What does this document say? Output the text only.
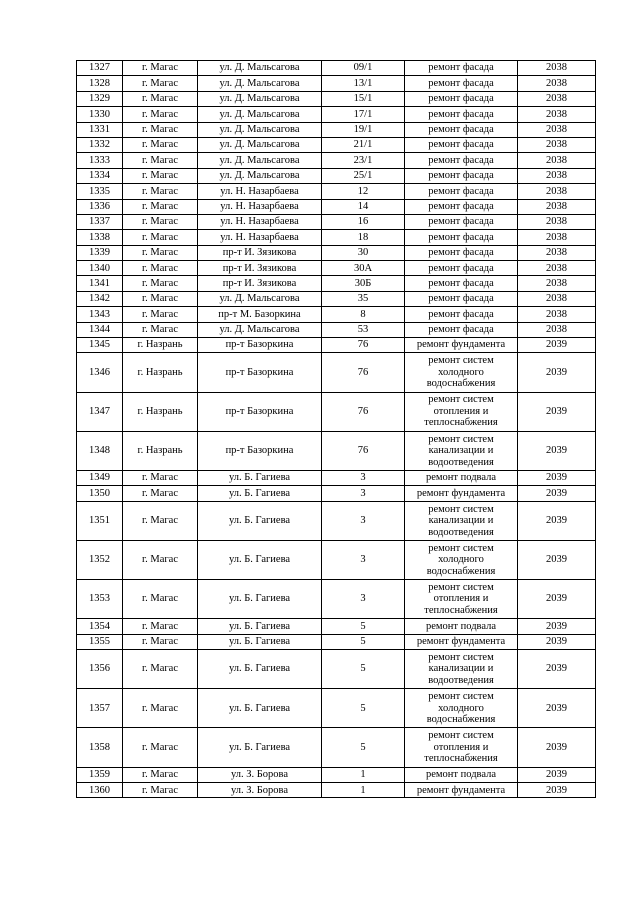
1327	г. Магас	ул. Д. Мальсагова	09/1	ремонт фасада	2038
1328	г. Магас	ул. Д. Мальсагова	13/1	ремонт фасада	2038
1329	г. Магас	ул. Д. Мальсагова	15/1	ремонт фасада	2038
1330	г. Магас	ул. Д. Мальсагова	17/1	ремонт фасада	2038
1331	г. Магас	ул. Д. Мальсагова	19/1	ремонт фасада	2038
1332	г. Магас	ул. Д. Мальсагова	21/1	ремонт фасада	2038
1333	г. Магас	ул. Д. Мальсагова	23/1	ремонт фасада	2038
1334	г. Магас	ул. Д. Мальсагова	25/1	ремонт фасада	2038
1335	г. Магас	ул. Н. Назарбаева	12	ремонт фасада	2038
1336	г. Магас	ул. Н. Назарбаева	14	ремонт фасада	2038
1337	г. Магас	ул. Н. Назарбаева	16	ремонт фасада	2038
1338	г. Магас	ул. Н. Назарбаева	18	ремонт фасада	2038
1339	г. Магас	пр-т И. Зязикова	30	ремонт фасада	2038
1340	г. Магас	пр-т И. Зязикова	30А	ремонт фасада	2038
1341	г. Магас	пр-т И. Зязикова	30Б	ремонт фасада	2038
1342	г. Магас	ул. Д. Мальсагова	35	ремонт фасада	2038
1343	г. Магас	пр-т М. Базоркина	8	ремонт фасада	2038
1344	г. Магас	ул. Д. Мальсагова	53	ремонт фасада	2038
1345	г. Назрань	пр-т Базоркина	76	ремонт фундамента	2039
1346	г. Назрань	пр-т Базоркина	76	ремонт систем холодного водоснабжения	2039
1347	г. Назрань	пр-т Базоркина	76	ремонт систем отопления и теплоснабжения	2039
1348	г. Назрань	пр-т Базоркина	76	ремонт систем канализации и водоотведения	2039
1349	г. Магас	ул. Б. Гагиева	3	ремонт подвала	2039
1350	г. Магас	ул. Б. Гагиева	3	ремонт фундамента	2039
1351	г. Магас	ул. Б. Гагиева	3	ремонт систем канализации и водоотведения	2039
1352	г. Магас	ул. Б. Гагиева	3	ремонт систем холодного водоснабжения	2039
1353	г. Магас	ул. Б. Гагиева	3	ремонт систем отопления и теплоснабжения	2039
1354	г. Магас	ул. Б. Гагиева	5	ремонт подвала	2039
1355	г. Магас	ул. Б. Гагиева	5	ремонт фундамента	2039
1356	г. Магас	ул. Б. Гагиева	5	ремонт систем канализации и водоотведения	2039
1357	г. Магас	ул. Б. Гагиева	5	ремонт систем холодного водоснабжения	2039
1358	г. Магас	ул. Б. Гагиева	5	ремонт систем отопления и теплоснабжения	2039
1359	г. Магас	ул. З. Борова	1	ремонт подвала	2039
1360	г. Магас	ул. З. Борова	1	ремонт фундамента	2039
